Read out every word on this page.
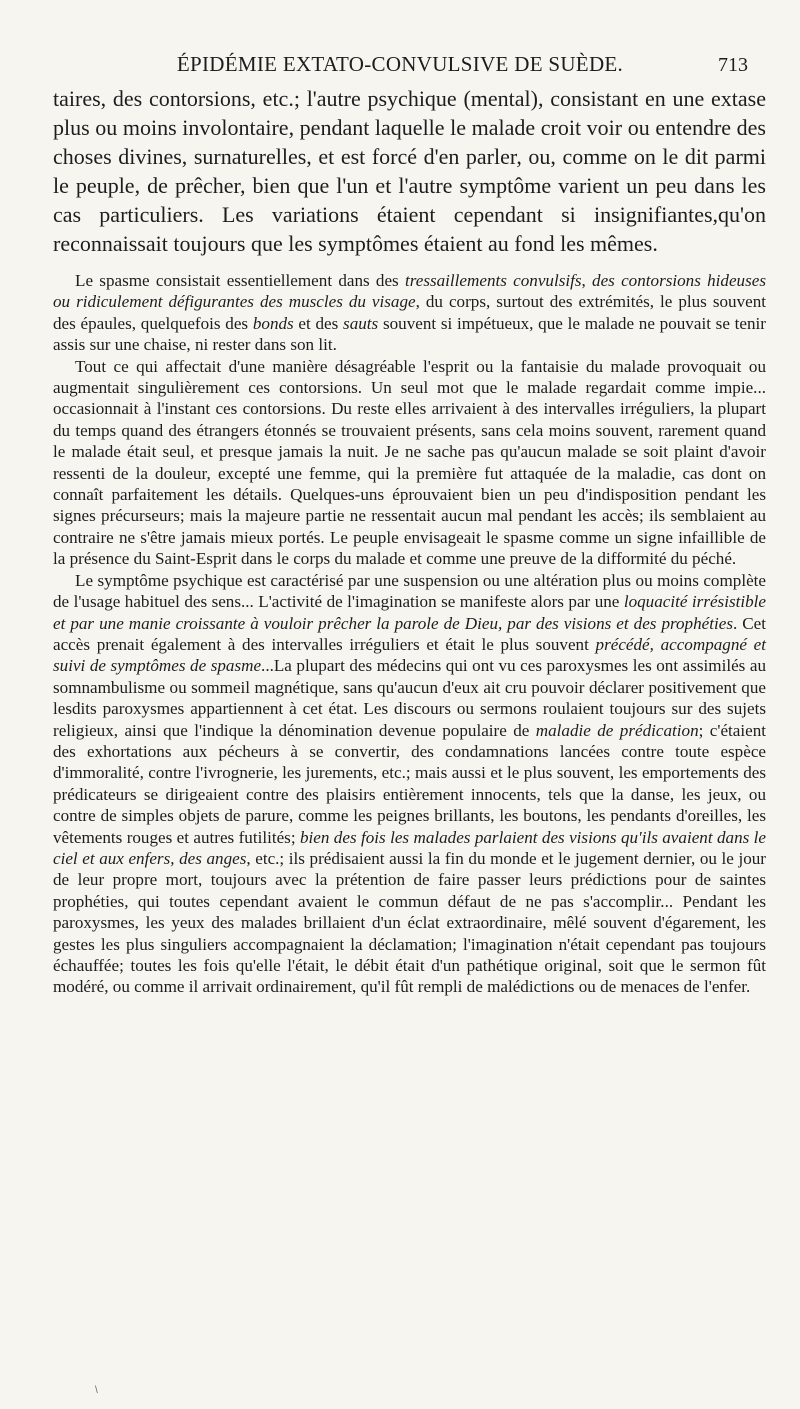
ÉPIDÉMIE EXTATO-CONVULSIVE DE SUÈDE.	713

taires, des contorsions, etc.; l'autre psychique (mental), consistant en une extase plus ou moins involontaire, pendant laquelle le malade croit voir ou entendre des choses divines, surnaturelles, et est forcé d'en parler, ou, comme on le dit parmi le peuple, de prêcher, bien que l'un et l'autre symptôme varient un peu dans les cas particuliers. Les variations étaient cependant si insignifiantes,qu'on reconnaissait toujours que les symptômes étaient au fond les mêmes.

Le spasme consistait essentiellement dans des tressaillements convulsifs, des contorsions hideuses ou ridiculement défigurantes des muscles du visage, du corps, surtout des extrémités, le plus souvent des épaules, quelquefois des bonds et des sauts souvent si impétueux, que le malade ne pouvait se tenir assis sur une chaise, ni rester dans son lit.

Tout ce qui affectait d'une manière désagréable l'esprit ou la fantaisie du malade provoquait ou augmentait singulièrement ces contorsions. Un seul mot que le malade regardait comme impie... occasionnait à l'instant ces contorsions. Du reste elles arrivaient à des intervalles irréguliers, la plupart du temps quand des étrangers étonnés se trouvaient présents, sans cela moins souvent, rarement quand le malade était seul, et presque jamais la nuit. Je ne sache pas qu'aucun malade se soit plaint d'avoir ressenti de la douleur, excepté une femme, qui la première fut attaquée de la maladie, cas dont on connaît parfaitement les détails. Quelques-uns éprouvaient bien un peu d'indisposition pendant les signes précurseurs; mais la majeure partie ne ressentait aucun mal pendant les accès; ils semblaient au contraire ne s'être jamais mieux portés. Le peuple envisageait le spasme comme un signe infaillible de la présence du Saint-Esprit dans le corps du malade et comme une preuve de la difformité du péché.

Le symptôme psychique est caractérisé par une suspension ou une altération plus ou moins complète de l'usage habituel des sens... L'activité de l'imagination se manifeste alors par une loquacité irrésistible et par une manie croissante à vouloir prêcher la parole de Dieu, par des visions et des prophéties. Cet accès prenait également à des intervalles irréguliers et était le plus souvent précédé, accompagné et suivi de symptômes de spasme...La plupart des médecins qui ont vu ces paroxysmes les ont assimilés au somnambulisme ou sommeil magnétique, sans qu'aucun d'eux ait cru pouvoir déclarer positivement que lesdits paroxysmes appartiennent à cet état. Les discours ou sermons roulaient toujours sur des sujets religieux, ainsi que l'indique la dénomination devenue populaire de maladie de prédication; c'étaient des exhortations aux pécheurs à se convertir, des condamnations lancées contre toute espèce d'immoralité, contre l'ivrognerie, les jurements, etc.; mais aussi et le plus souvent, les emportements des prédicateurs se dirigeaient contre des plaisirs entièrement innocents, tels que la danse, les jeux, ou contre de simples objets de parure, comme les peignes brillants, les boutons, les pendants d'oreilles, les vêtements rouges et autres futilités; bien des fois les malades parlaient des visions qu'ils avaient dans le ciel et aux enfers, des anges, etc.; ils prédisaient aussi la fin du monde et le jugement dernier, ou le jour de leur propre mort, toujours avec la prétention de faire passer leurs prédictions pour de saintes prophéties, qui toutes cependant avaient le commun défaut de ne pas s'accomplir... Pendant les paroxysmes, les yeux des malades brillaient d'un éclat extraordinaire, mêlé souvent d'égarement, les gestes les plus singuliers accompagnaient la déclamation; l'imagination n'était cependant pas toujours échauffée; toutes les fois qu'elle l'était, le débit était d'un pathétique original, soit que le sermon fût modéré, ou comme il arrivait ordinairement, qu'il fût rempli de malédictions ou de menaces de l'enfer.

\
